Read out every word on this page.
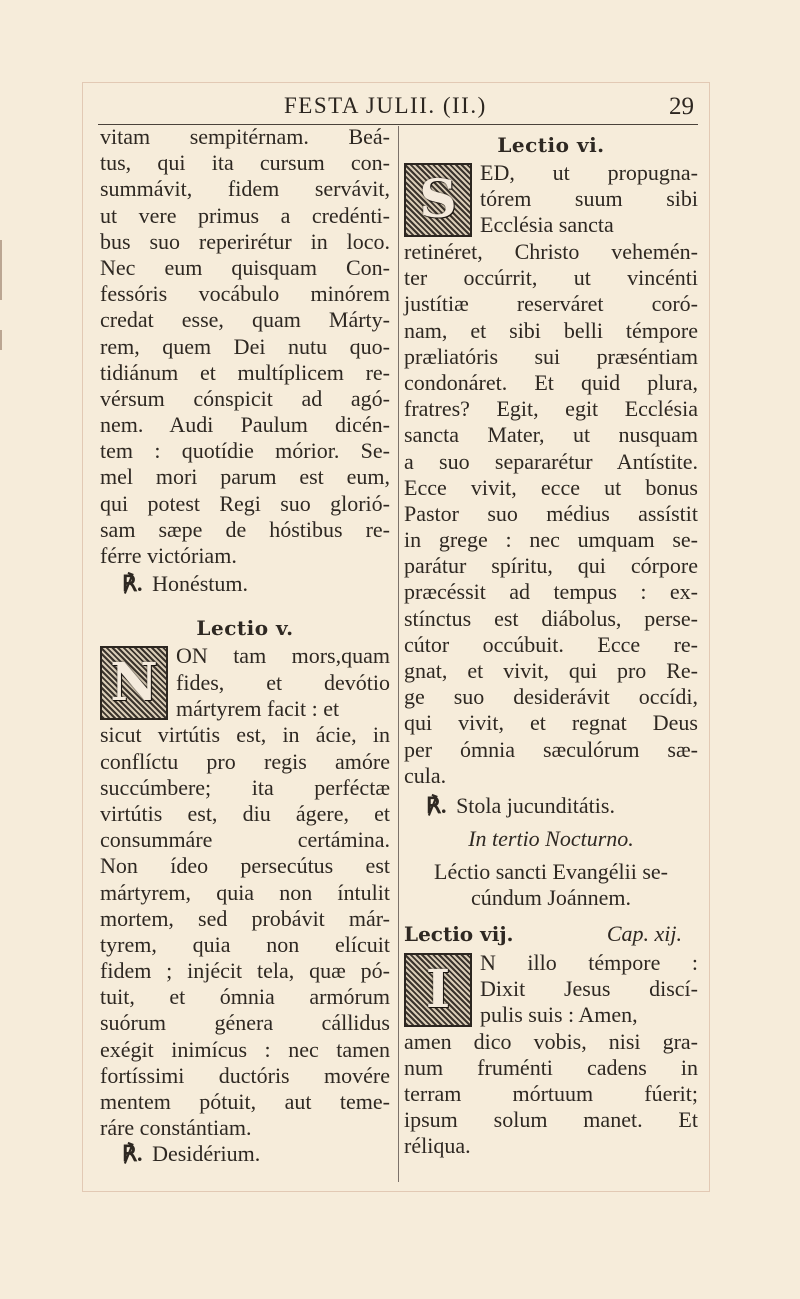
FESTA JULII. (II.)	29
vitam sempitérnam. Beá-
tus, qui ita cursum con-
summávit, fidem servávit,
ut vere primus a credénti-
bus suo reperirétur in loco.
Nec eum quisquam Con-
fessóris vocábulo minórem
credat esse, quam Márty-
rem, quem Dei nutu quo-
tidiánum et multíplicem re-
vérsum cónspicit ad agó-
nem. Audi Paulum dicén-
tem : quotídie mórior. Se-
mel mori parum est eum,
qui potest Regi suo glorió-
sam sæpe de hóstibus re-
férre victóriam.
℟. Honéstum.
Lectio v.
N ON tam mors,quam
fides, et devótio
mártyrem facit : et
sicut virtútis est, in ácie, in
conflíctu pro regis amóre
succúmbere; ita perféctæ
virtútis est, diu ágere, et
consummáre certámina.
Non ídeo persecútus est
mártyrem, quia non íntulit
mortem, sed probávit már-
tyrem, quia non elícuit
fidem ; injécit tela, quæ pó-
tuit, et ómnia armórum
suórum génera cállidus
exégit inimícus : nec tamen
fortíssimi ductóris movére
mentem pótuit, aut teme-
ráre constántiam.
℟. Desidérium.
Lectio vi.
S	ED, ut propugna-
tórem suum sibi
Ecclésia sancta
retinéret, Christo vehemén-
ter occúrrit, ut vincénti
justítiæ reserváret coró-
nam, et sibi belli témpore
præliatóris sui præséntiam
condonáret. Et quid plura,
fratres? Egit, egit Ecclésia
sancta Mater, ut nusquam
a suo separarétur Antístite.
Ecce vivit, ecce ut bonus
Pastor suo médius assístit
in grege : nec umquam se-
parátur spíritu, qui córpore
præcéssit ad tempus : ex-
stínctus est diábolus, perse-
cútor occúbuit. Ecce re-
gnat, et vivit, qui pro Re-
ge suo desiderávit occídi,
qui vivit, et regnat Deus
per ómnia sæculórum sæ-
cula.
℟. Stola jucunditátis.
In tertio Nocturno.
Léctio sancti Evangélii se-
cúndum Joánnem.
Lectio vij.	Cap. xij.
I	N illo témpore :
Dixit Jesus discí-
pulis suis : Amen,
amen dico vobis, nisi gra-
num fruménti cadens in
terram mórtuum fúerit;
ipsum solum manet. Et
réliqua.
